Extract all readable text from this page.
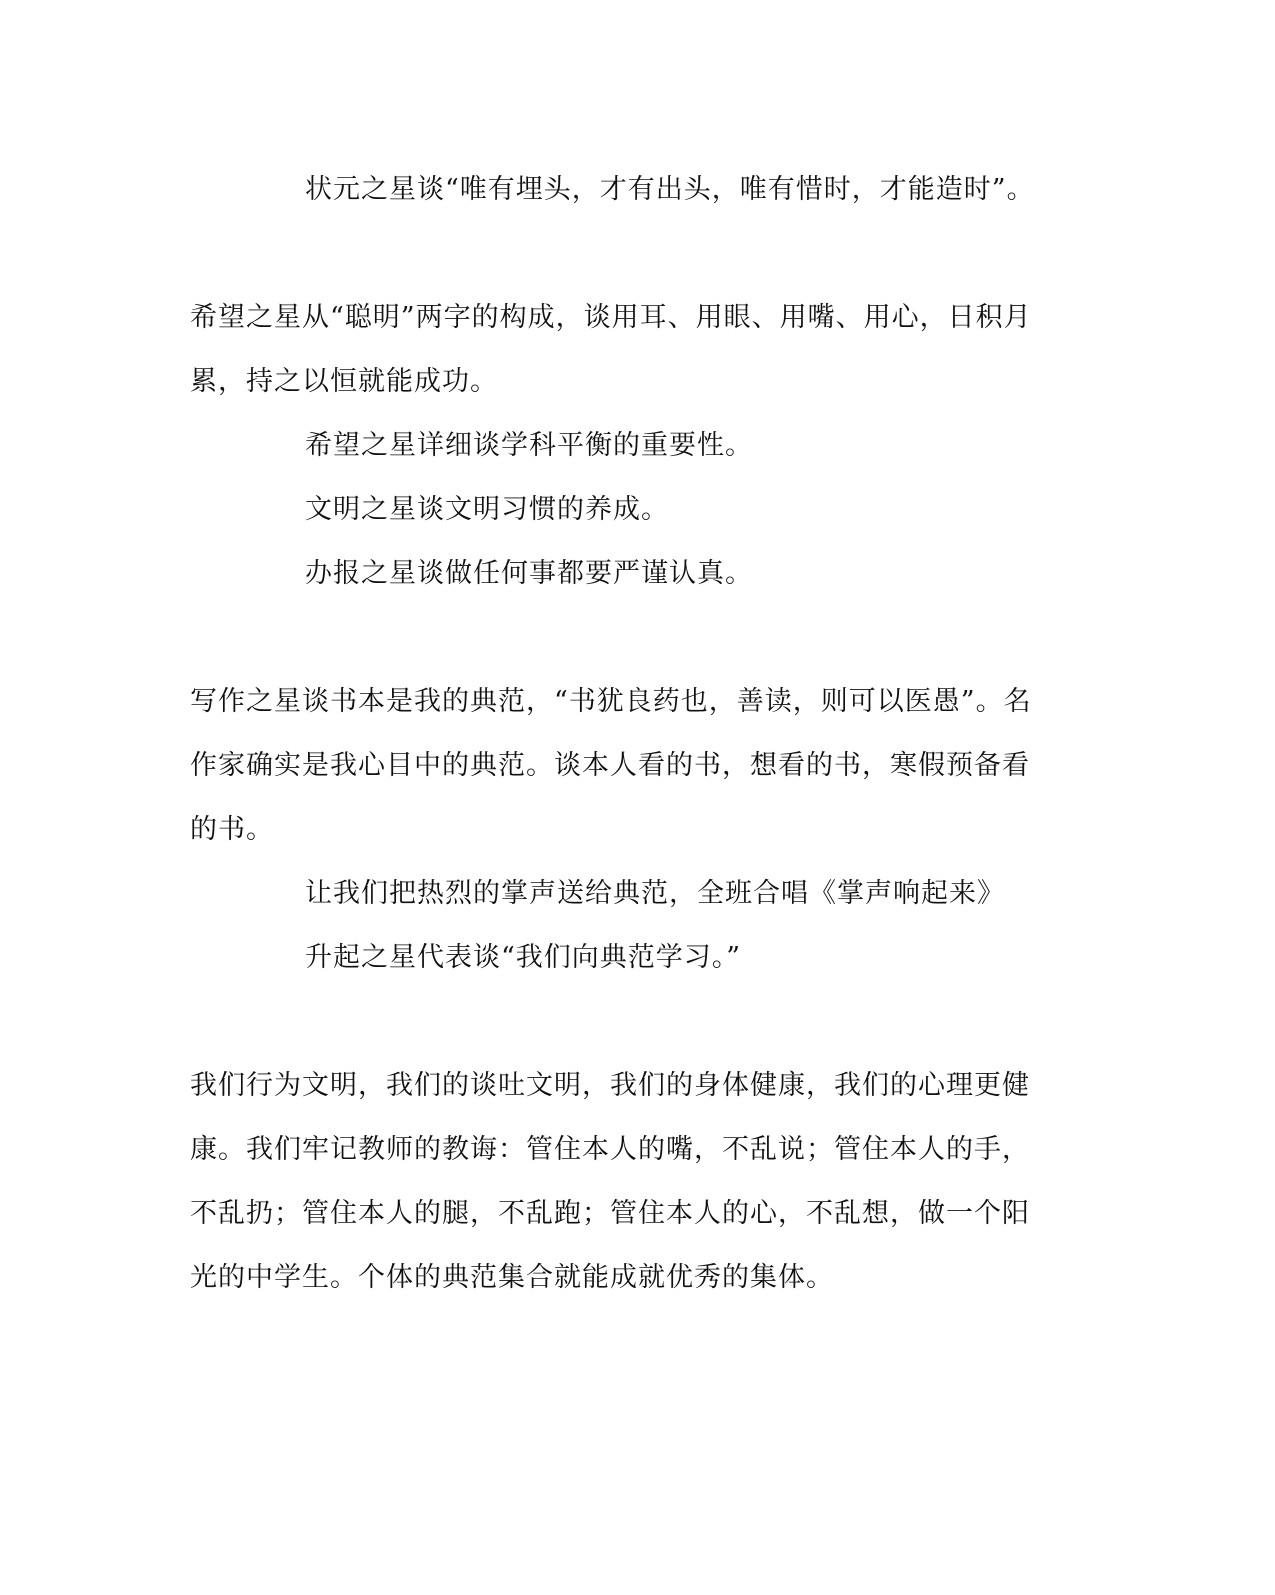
状元之星谈“唯有埋头，才有出头，唯有惜时，才能造时”。

希望之星从“聪明”两字的构成，谈用耳、用眼、用嘴、用心，日积月

累，持之以恒就能成功。

希望之星详细谈学科平衡的重要性。

文明之星谈文明习惯的养成。

办报之星谈做任何事都要严谨认真。

写作之星谈书本是我的典范，“书犹良药也，善读，则可以医愚”。名

作家确实是我心目中的典范。谈本人看的书，想看的书，寒假预备看

的书。

让我们把热烈的掌声送给典范，全班合唱《掌声响起来》

升起之星代表谈“我们向典范学习。”

我们行为文明，我们的谈吐文明，我们的身体健康，我们的心理更健

康。我们牢记教师的教诲：管住本人的嘴，不乱说；管住本人的手，

不乱扔；管住本人的腿，不乱跑；管住本人的心，不乱想，做一个阳

光的中学生。个体的典范集合就能成就优秀的集体。
